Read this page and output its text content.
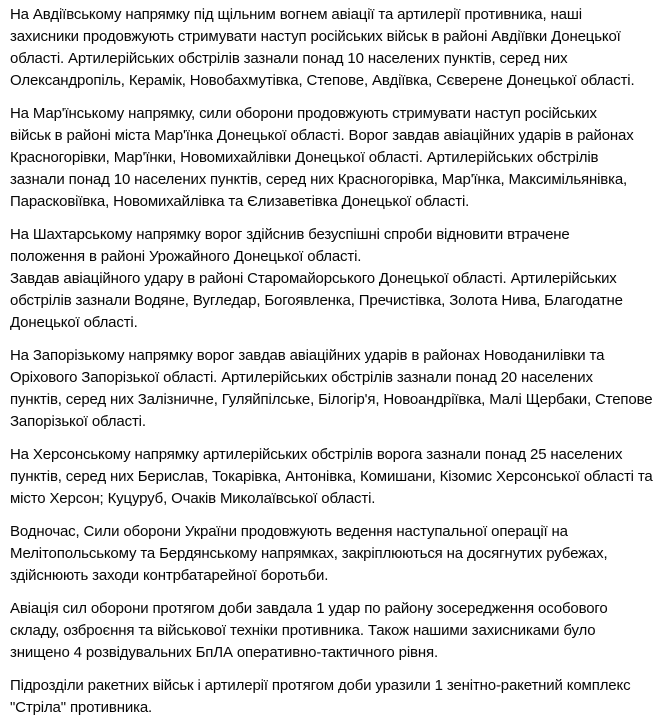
На Авдіївському напрямку під щільним вогнем авіації та артилерії противника, наші
захисники продовжують стримувати наступ російських військ в районі Авдіївки Донецької
області. Артилерійських обстрілів зазнали понад 10 населених пунктів, серед них
Олександропіль, Керамік, Новобахмутівка, Степове, Авдіївка, Сєверене Донецької області.
На Мар'їнському напрямку, сили оборони продовжують стримувати наступ російських
військ в районі міста Мар'їнка Донецької області. Ворог завдав авіаційних ударів в районах
Красногорівки, Мар'їнки, Новомихайлівки Донецької області. Артилерійських обстрілів
зазнали понад 10 населених пунктів, серед них Красногорівка, Мар'їнка, Максимільянівка,
Парасковіївка, Новомихайлівка та Єлизаветівка Донецької області.
На Шахтарському напрямку ворог здійснив безуспішні спроби відновити втрачене
положення в районі Урожайного Донецької області.
Завдав авіаційного удару в районі Старомайорського Донецької області. Артилерійських
обстрілів зазнали Водяне, Вугледар, Богоявленка, Пречистівка, Золота Нива, Благодатне
Донецької області.
На Запорізькому напрямку ворог завдав авіаційних ударів в районах Новоданилівки та
Оріхового Запорізької області. Артилерійських обстрілів зазнали понад 20 населених
пунктів, серед них Залізничне, Гуляйпілське, Білогір'я, Новоандріївка, Малі Щербаки, Степове
Запорізької області.
На Херсонському напрямку артилерійських обстрілів ворога зазнали понад 25 населених
пунктів, серед них Берислав, Токарівка, Антонівка, Комишани, Кізомис Херсонської області та
місто Херсон; Куцуруб, Очаків Миколаївської області.
Водночас, Сили оборони України продовжують ведення наступальної операції на
Мелітопольському та Бердянському напрямках, закріплюються на досягнутих рубежах,
здійснюють заходи контрбатарейної боротьби.
Авіація сил оборони протягом доби завдала 1 удар по району зосередження особового
складу, озброєння та військової техніки противника. Також нашими захисниками було
знищено 4 розвідувальних БпЛА оперативно-тактичного рівня.
Підрозділи ракетних військ і артилерії протягом доби уразили 1 зенітно-ракетний комплекс
"Стріла" противника.
